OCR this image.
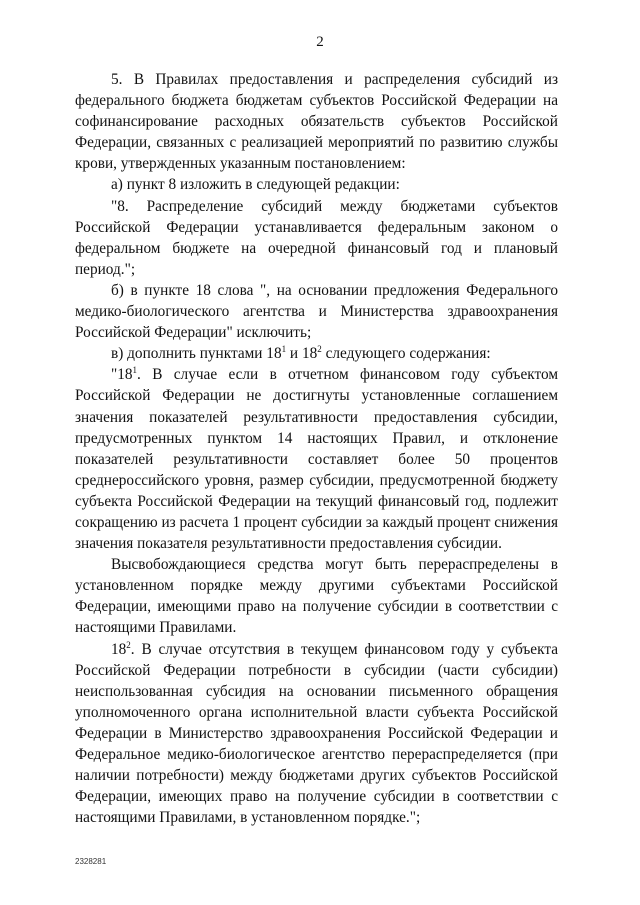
2

5. В Правилах предоставления и распределения субсидий из федерального бюджета бюджетам субъектов Российской Федерации на софинансирование расходных обязательств субъектов Российской Федерации, связанных с реализацией мероприятий по развитию службы крови, утвержденных указанным постановлением:

а) пункт 8 изложить в следующей редакции:

"8. Распределение субсидий между бюджетами субъектов Российской Федерации устанавливается федеральным законом о федеральном бюджете на очередной финансовый год и плановый период.";

б) в пункте 18 слова ", на основании предложения Федерального медико-биологического агентства и Министерства здравоохранения Российской Федерации" исключить;

в) дополнить пунктами $18^1$ и $18^2$ следующего содержания:

"$18^1$. В случае если в отчетном финансовом году субъектом Российской Федерации не достигнуты установленные соглашением значения показателей результативности предоставления субсидии, предусмотренных пунктом 14 настоящих Правил, и отклонение показателей результативности составляет более 50 процентов среднероссийского уровня, размер субсидии, предусмотренной бюджету субъекта Российской Федерации на текущий финансовый год, подлежит сокращению из расчета 1 процент субсидии за каждый процент снижения значения показателя результативности предоставления субсидии.

Высвобождающиеся средства могут быть перераспределены в установленном порядке между другими субъектами Российской Федерации, имеющими право на получение субсидии в соответствии с настоящими Правилами.

$18^2$. В случае отсутствия в текущем финансовом году у субъекта Российской Федерации потребности в субсидии (части субсидии) неиспользованная субсидия на основании письменного обращения уполномоченного органа исполнительной власти субъекта Российской Федерации в Министерство здравоохранения Российской Федерации и Федеральное медико-биологическое агентство перераспределяется (при наличии потребности) между бюджетами других субъектов Российской Федерации, имеющих право на получение субсидии в соответствии с настоящими Правилами, в установленном порядке.";

2328281
